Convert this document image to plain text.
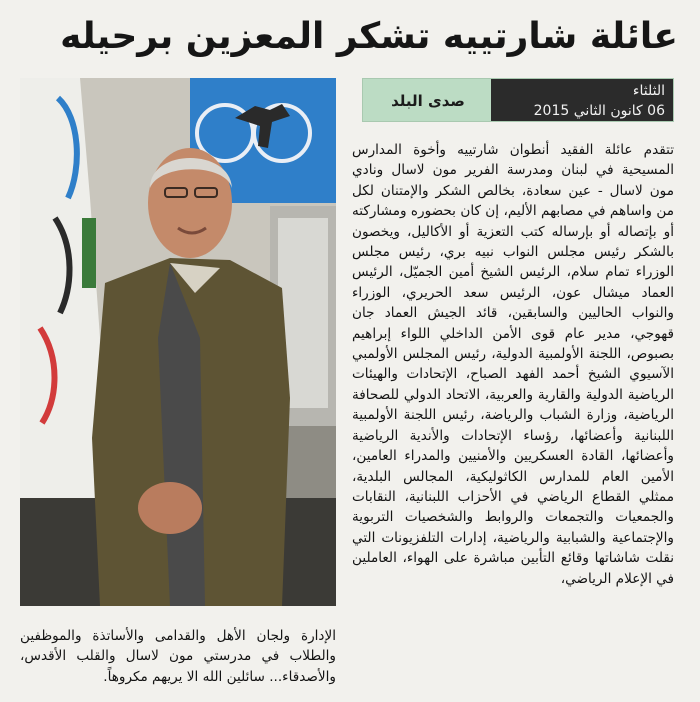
عائلة شارتييه تشكر المعزين برحيله
الثلثاء
06 كانون الثاني 2015
صدى البلد

تتقدم عائلة الفقيد أنطوان شارتييه وأخوة المدارس المسيحية في لبنان ومدرسة الفرير مون لاسال ونادي مون لاسال - عين سعادة، بخالص الشكر والإمتنان لكل من واساهم في مصابهم الأليم، إن كان بحضوره ومشاركته أو بإتصاله أو بإرساله كتب التعزية أو الأكاليل، ويخصون بالشكر رئيس مجلس النواب نبيه بري، رئيس مجلس الوزراء تمام سلام، الرئيس الشيخ أمين الجميّل، الرئيس العماد ميشال عون، الرئيس سعد الحريري، الوزراء والنواب الحاليين والسابقين، قائد الجيش العماد جان قهوجي، مدير عام قوى الأمن الداخلي اللواء إبراهيم بصبوص، اللجنة الأولمبية الدولية، رئيس المجلس الأولمبي الآسيوي الشيخ أحمد الفهد الصباح، الإتحادات والهيئات الرياضية الدولية والقارية والعربية، الاتحاد الدولي للصحافة الرياضية، وزارة الشباب والرياضة، رئيس اللجنة الأولمبية اللبنانية وأعضائها، رؤساء الإتحادات والأندية الرياضية وأعضائها، القادة العسكريين والأمنيين والمدراء العامين، الأمين العام للمدارس الكاثوليكية، المجالس البلدية، ممثلي القطاع الرياضي في الأحزاب اللبنانية، النقابات والجمعيات والتجمعات والروابط والشخصيات التربوية والإجتماعية والشبابية والرياضية، إدارات التلفزيونات التي نقلت شاشاتها وقائع التأبين مباشرة على الهواء، العاملين في الإعلام الرياضي،

الإدارة ولجان الأهل والقدامى والأساتذة والموظفين والطلاب في مدرستي مون لاسال والقلب الأقدس، والأصدقاء... سائلين الله الا يريهم مكروهاً.
